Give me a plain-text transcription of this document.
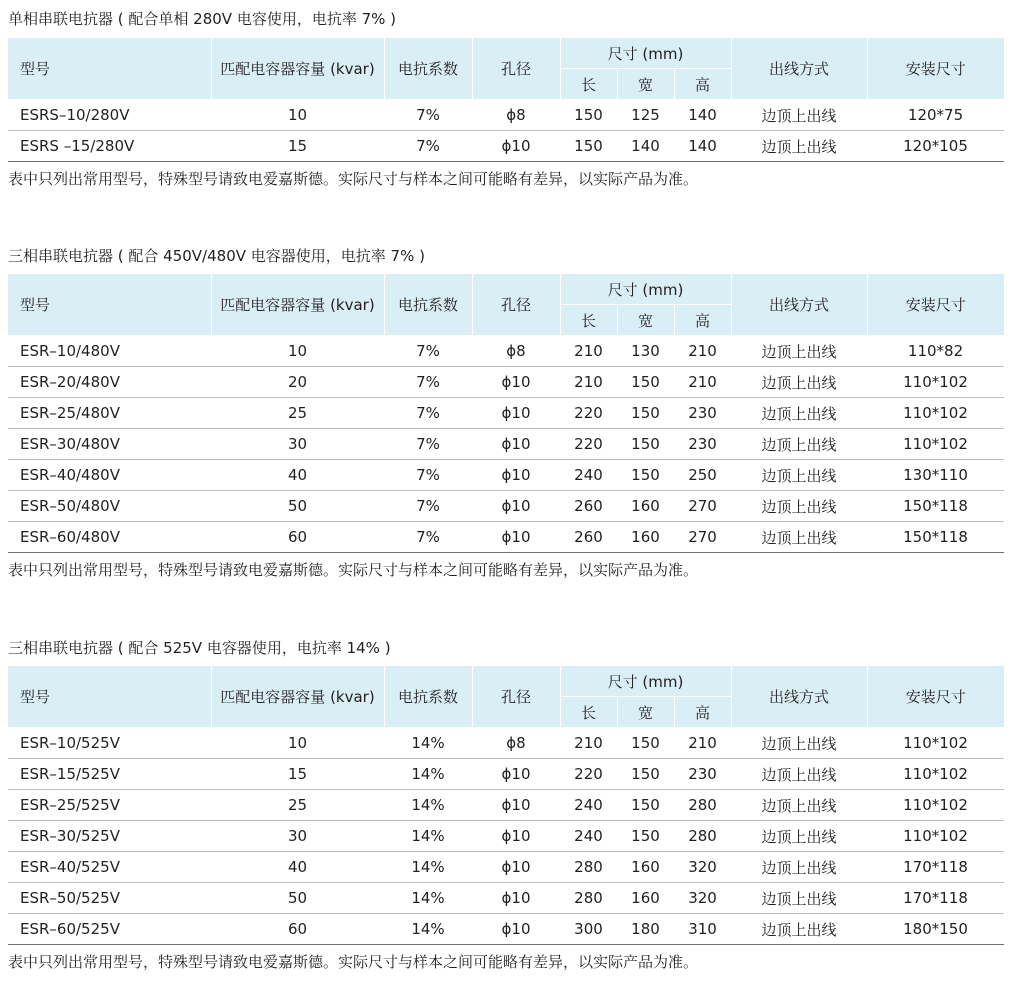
单相串联电抗器 ( 配合单相 280V 电容使用，电抗率 7% )
型号	匹配电容器容量 (kvar)	电抗系数	孔径	尺寸 (mm)			出线方式	安装尺寸
				长	宽	高		
ESRS–10/280V	10	7%	ϕ8	150	125	140	边顶上出线	120*75
ESRS –15/280V	15	7%	ϕ10	150	140	140	边顶上出线	120*105
表中只列出常用型号，特殊型号请致电爱嘉斯德。实际尺寸与样本之间可能略有差异，以实际产品为准。
三相串联电抗器 ( 配合 450V/480V 电容器使用，电抗率 7% )
型号	匹配电容器容量 (kvar)	电抗系数	孔径	尺寸 (mm)			出线方式	安装尺寸
				长	宽	高		
ESR–10/480V	10	7%	ϕ8	210	130	210	边顶上出线	110*82
ESR–20/480V	20	7%	ϕ10	210	150	210	边顶上出线	110*102
ESR–25/480V	25	7%	ϕ10	220	150	230	边顶上出线	110*102
ESR–30/480V	30	7%	ϕ10	220	150	230	边顶上出线	110*102
ESR–40/480V	40	7%	ϕ10	240	150	250	边顶上出线	130*110
ESR–50/480V	50	7%	ϕ10	260	160	270	边顶上出线	150*118
ESR–60/480V	60	7%	ϕ10	260	160	270	边顶上出线	150*118
表中只列出常用型号，特殊型号请致电爱嘉斯德。实际尺寸与样本之间可能略有差异，以实际产品为准。
三相串联电抗器 ( 配合 525V 电容器使用，电抗率 14% )
型号	匹配电容器容量 (kvar)	电抗系数	孔径	尺寸 (mm)			出线方式	安装尺寸
				长	宽	高		
ESR–10/525V	10	14%	ϕ8	210	150	210	边顶上出线	110*102
ESR–15/525V	15	14%	ϕ10	220	150	230	边顶上出线	110*102
ESR–25/525V	25	14%	ϕ10	240	150	280	边顶上出线	110*102
ESR–30/525V	30	14%	ϕ10	240	150	280	边顶上出线	110*102
ESR–40/525V	40	14%	ϕ10	280	160	320	边顶上出线	170*118
ESR–50/525V	50	14%	ϕ10	280	160	320	边顶上出线	170*118
ESR–60/525V	60	14%	ϕ10	300	180	310	边顶上出线	180*150
表中只列出常用型号，特殊型号请致电爱嘉斯德。实际尺寸与样本之间可能略有差异，以实际产品为准。
